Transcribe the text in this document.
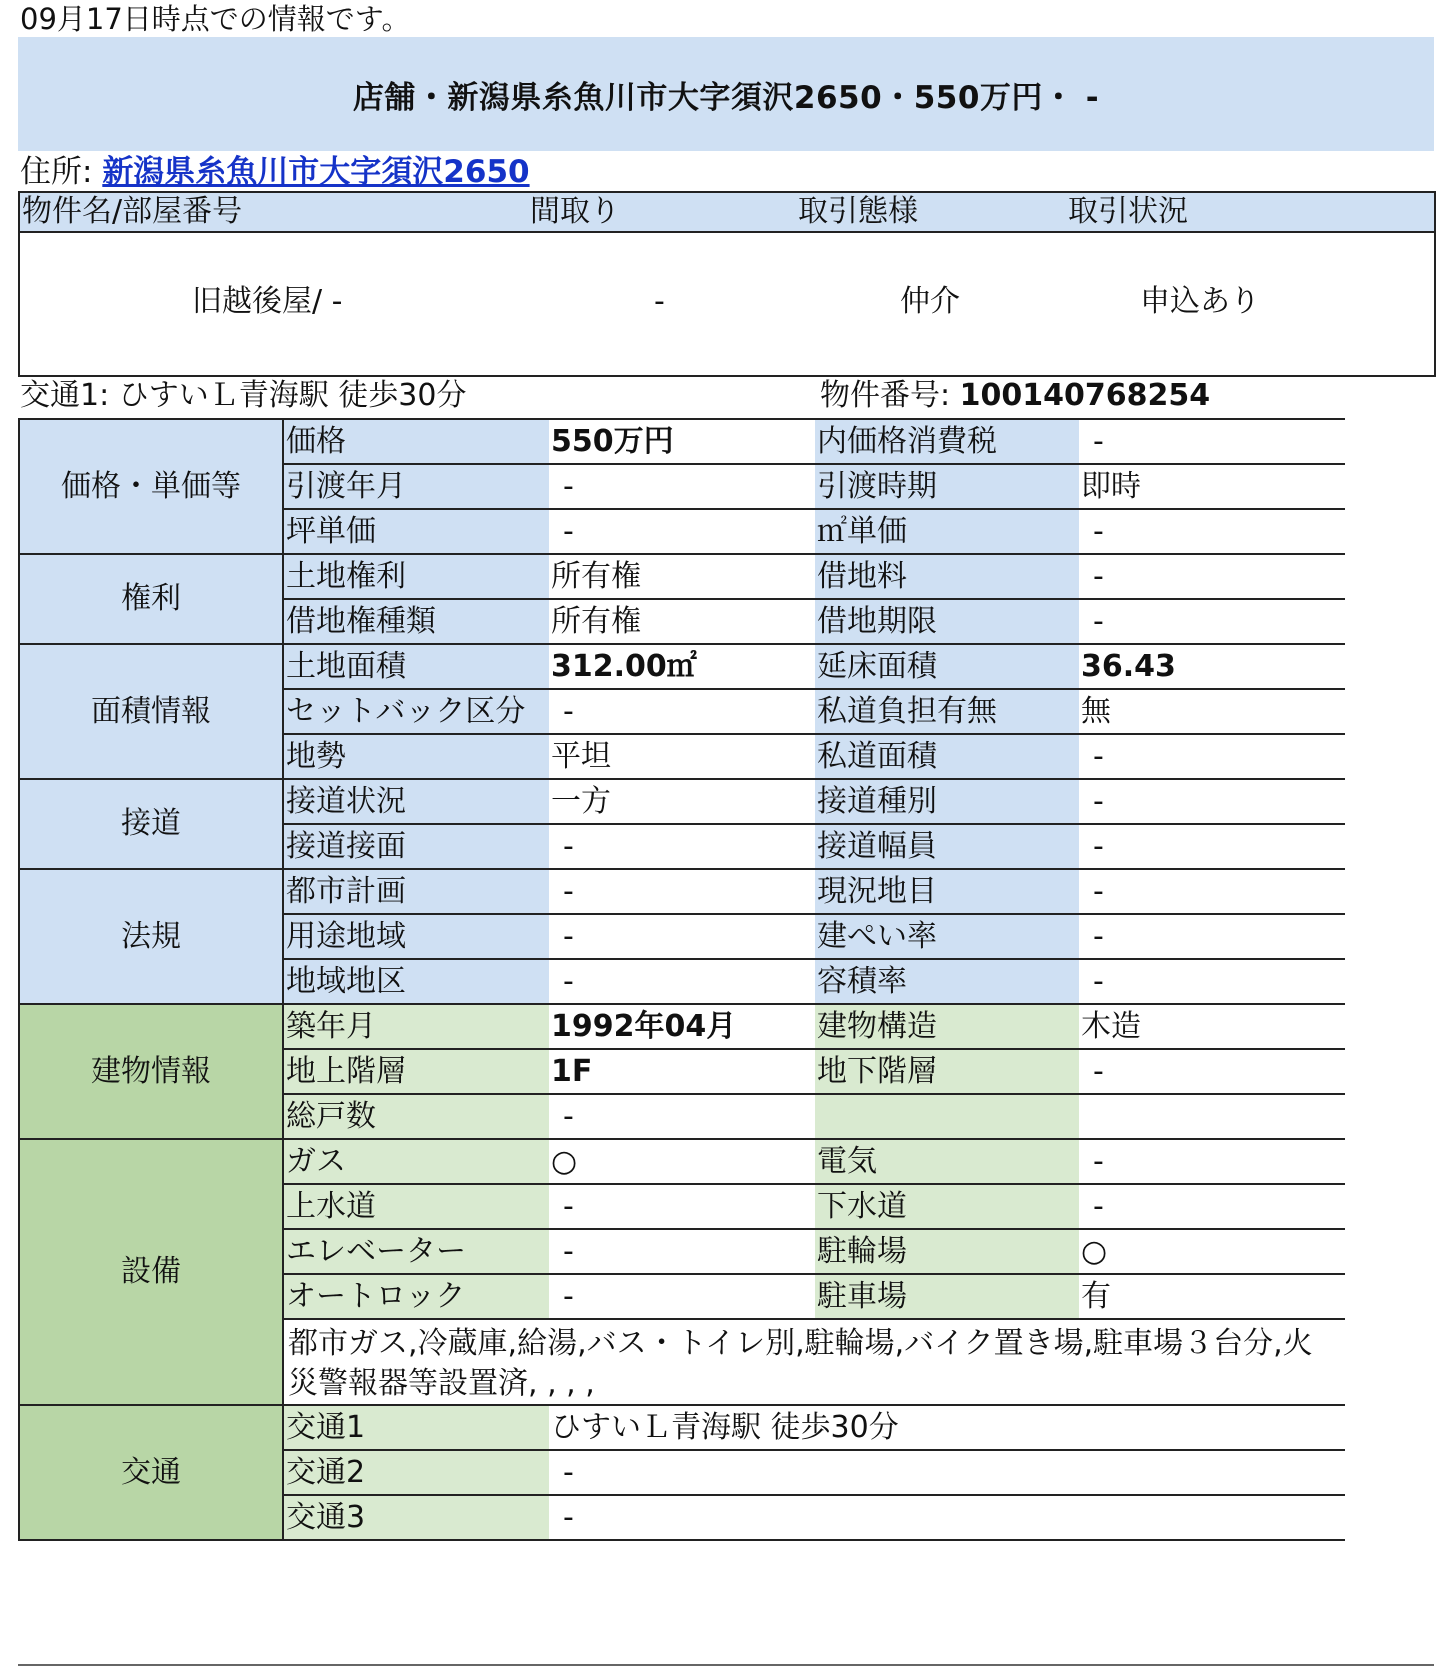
09月17日時点での情報です。
店舗・新潟県糸魚川市大字須沢2650・550万円・ -
住所: 新潟県糸魚川市大字須沢2650
物件名/部屋番号	間取り	取引態様	取引状況
旧越後屋/ -	-	仲介	申込あり
交通1: ひすいＬ青海駅 徒歩30分	物件番号: 100140768254
価格・単価等	価格	550万円	内価格消費税	-
	引渡年月	-	引渡時期	即時
	坪単価	-	㎡単価	-
権利	土地権利	所有権	借地料	-
	借地権種類	所有権	借地期限	-
面積情報	土地面積	312.00㎡	延床面積	36.43
	セットバック区分	-	私道負担有無	無
	地勢	平坦	私道面積	-
接道	接道状況	一方	接道種別	-
	接道接面	-	接道幅員	-
法規	都市計画	-	現況地目	-
	用途地域	-	建ぺい率	-
	地域地区	-	容積率	-
建物情報	築年月	1992年04月	建物構造	木造
	地上階層	1F	地下階層	-
	総戸数	-		
設備	ガス	○	電気	-
	上水道	-	下水道	-
	エレベーター	-	駐輪場	○
	オートロック	-	駐車場	有
	都市ガス,冷蔵庫,給湯,バス・トイレ別,駐輪場,バイク置き場,駐車場３台分,火災警報器等設置済, , , ,			
交通	交通1	ひすいＬ青海駅 徒歩30分		
	交通2	-		
	交通3	-		
